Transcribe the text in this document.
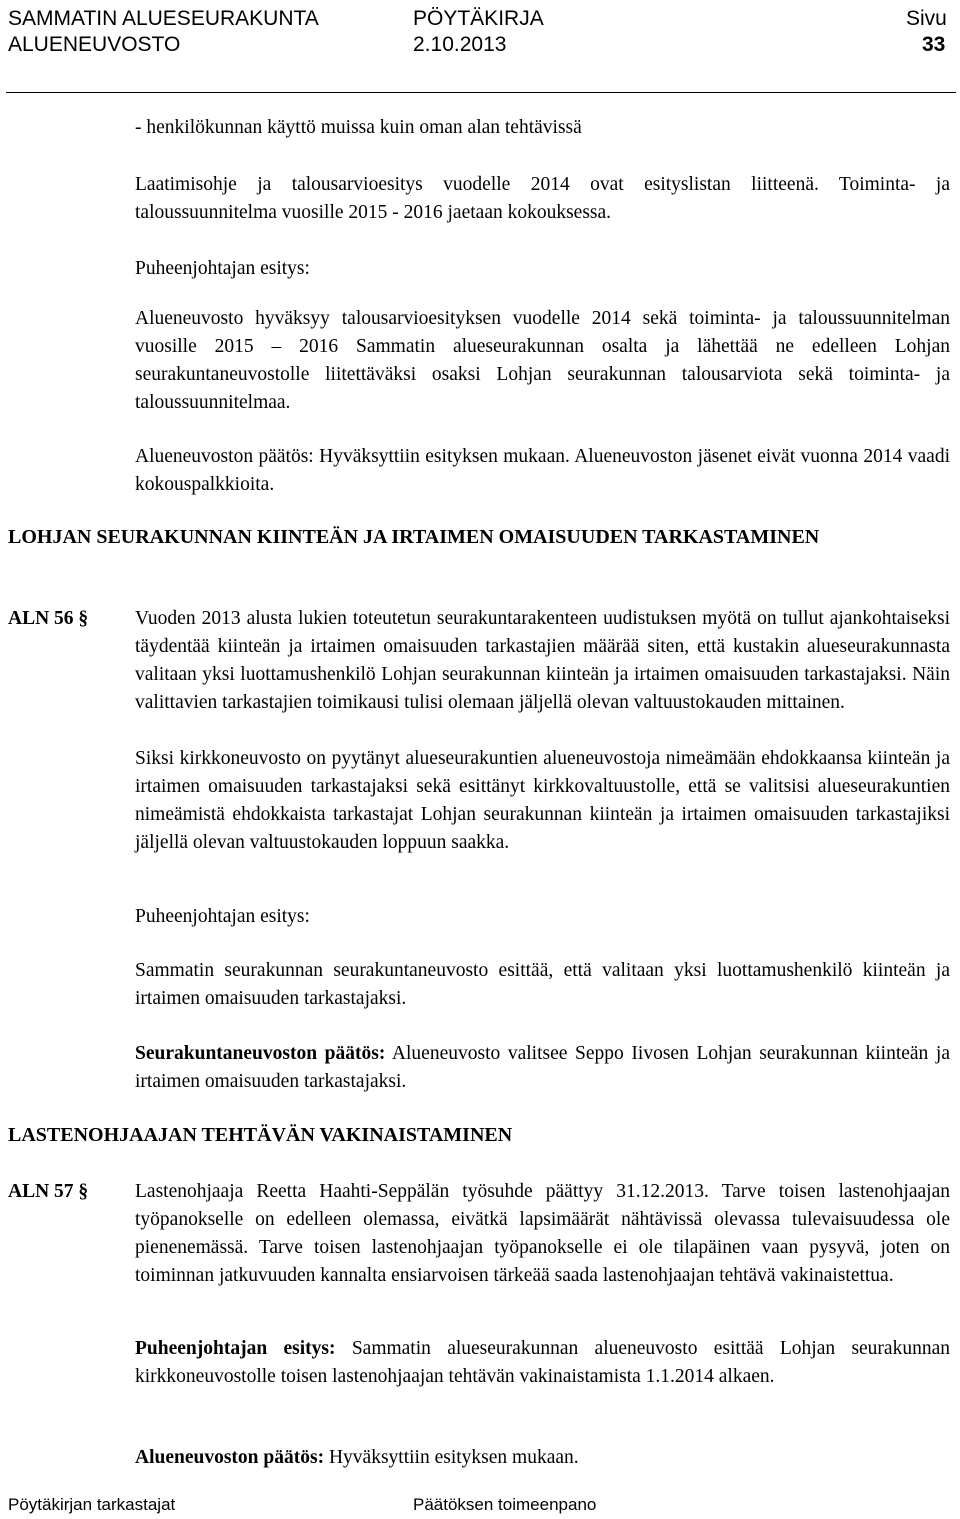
SAMMATIN ALUESEURAKUNTA	PÖYTÄKIRJA	Sivu
ALUENEUVOSTO	2.10.2013	33

- henkilökunnan käyttö muissa kuin oman alan tehtävissä

Laatimisohje ja talousarvioesitys vuodelle 2014 ovat esityslistan liitteenä. Toiminta- ja taloussuunnitelma vuosille 2015 - 2016 jaetaan kokouksessa.

Puheenjohtajan esitys:

Alueneuvosto hyväksyy talousarvioesityksen vuodelle 2014 sekä toiminta- ja taloussuunnitelman vuosille 2015 – 2016 Sammatin alueseurakunnan osalta ja lähettää ne edelleen Lohjan seurakuntaneuvostolle liitettäväksi osaksi Lohjan seurakunnan talousarviota sekä toiminta- ja taloussuunnitelmaa.

Alueneuvoston päätös: Hyväksyttiin esityksen mukaan. Alueneuvoston jäsenet eivät vuonna 2014 vaadi kokouspalkkioita.

LOHJAN SEURAKUNNAN KIINTEÄN JA IRTAIMEN OMAISUUDEN TARKASTAMINEN

ALN 56 § Vuoden 2013 alusta lukien toteutetun seurakuntarakenteen uudistuksen myötä on tullut ajankohtaiseksi täydentää kiinteän ja irtaimen omaisuuden tarkastajien määrää siten, että kustakin alueseurakunnasta valitaan yksi luottamushenkilö Lohjan seurakunnan kiinteän ja irtaimen omaisuuden tarkastajaksi. Näin valittavien tarkastajien toimikausi tulisi olemaan jäljellä olevan valtuustokauden mittainen.

Siksi kirkkoneuvosto on pyytänyt alueseurakuntien alueneuvostoja nimeämään ehdokkaansa kiinteän ja irtaimen omaisuuden tarkastajaksi sekä esittänyt kirkkovaltuustolle, että se valitsisi alueseurakuntien nimeämistä ehdokkaista tarkastajat Lohjan seurakunnan kiinteän ja irtaimen omaisuuden tarkastajiksi jäljellä olevan valtuustokauden loppuun saakka.

Puheenjohtajan esitys:

Sammatin seurakunnan seurakuntaneuvosto esittää, että valitaan yksi luottamushenkilö kiinteän ja irtaimen omaisuuden tarkastajaksi.

Seurakuntaneuvoston päätös: Alueneuvosto valitsee Seppo Iivosen Lohjan seurakunnan kiinteän ja irtaimen omaisuuden tarkastajaksi.

LASTENOHJAAJAN TEHTÄVÄN VAKINAISTAMINEN

ALN 57 § Lastenohjaaja Reetta Haahti-Seppälän työsuhde päättyy 31.12.2013. Tarve toisen lastenohjaajan työpanokselle on edelleen olemassa, eivätkä lapsimäärät nähtävissä olevassa tulevaisuudessa ole pienenemässä. Tarve toisen lastenohjaajan työpanokselle ei ole tilapäinen vaan pysyvä, joten on toiminnan jatkuvuuden kannalta ensiarvoisen tärkeää saada lastenohjaajan tehtävä vakinaistettua.

Puheenjohtajan esitys: Sammatin alueseurakunnan alueneuvosto esittää Lohjan seurakunnan kirkkoneuvostolle toisen lastenohjaajan tehtävän vakinaistamista 1.1.2014 alkaen.

Alueneuvoston päätös: Hyväksyttiin esityksen mukaan.

Pöytäkirjan tarkastajat	Päätöksen toimeenpano
